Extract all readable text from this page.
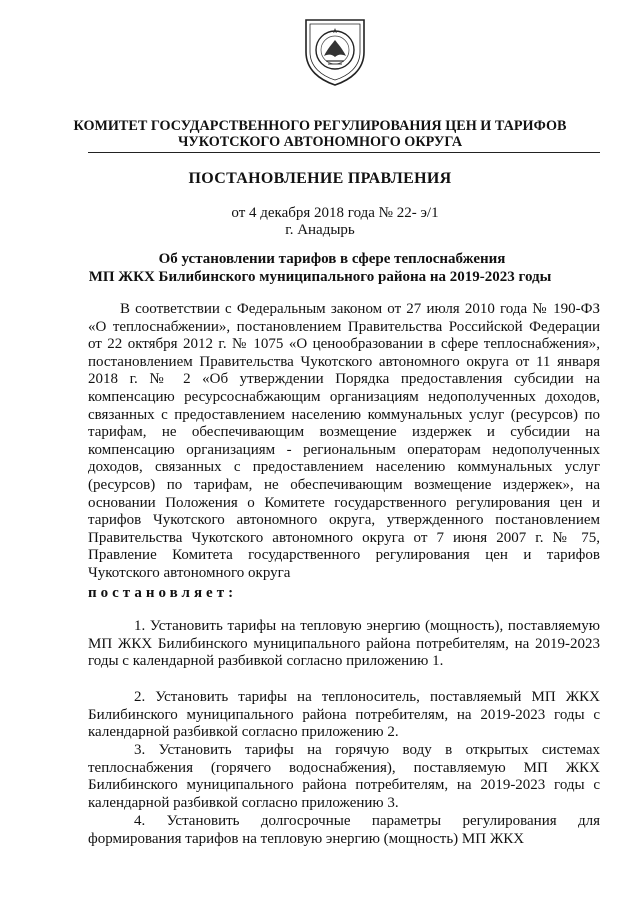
КОМИТЕТ ГОСУДАРСТВЕННОГО РЕГУЛИРОВАНИЯ ЦЕН И ТАРИФОВ
ЧУКОТСКОГО АВТОНОМНОГО ОКРУГА
ПОСТАНОВЛЕНИЕ ПРАВЛЕНИЯ
от 4 декабря 2018 года № 22- э/1
г. Анадырь
Об установлении тарифов в сфере теплоснабжения
МП ЖКХ Билибинского муниципального района на 2019-2023 годы
В соответствии с Федеральным законом от 27 июля 2010 года № 190-ФЗ «О теплоснабжении», постановлением Правительства Российской Федерации от 22 октября 2012 г. № 1075 «О ценообразовании в сфере теплоснабжения», постановлением Правительства Чукотского автономного округа от 11 января 2018 г. № 2 «Об утверждении Порядка предоставления субсидии на компенсацию ресурсоснабжающим организациям недополученных доходов, связанных с предоставлением населению коммунальных услуг (ресурсов) по тарифам, не обеспечивающим возмещение издержек и субсидии на компенсацию организациям - региональным операторам недополученных доходов, связанных с предоставлением населению коммунальных услуг (ресурсов) по тарифам, не обеспечивающим возмещение издержек», на основании Положения о Комитете государственного регулирования цен и тарифов Чукотского автономного округа, утвержденного постановлением Правительства Чукотского автономного округа от 7 июня 2007 г. № 75, Правление Комитета государственного регулирования цен и тарифов Чукотского автономного округа
постановляет:
1. Установить тарифы на тепловую энергию (мощность), поставляемую МП ЖКХ Билибинского муниципального района потребителям, на 2019-2023 годы с календарной разбивкой согласно приложению 1.
2. Установить тарифы на теплоноситель, поставляемый МП ЖКХ Билибинского муниципального района потребителям, на 2019-2023 годы с календарной разбивкой согласно приложению 2.
3. Установить тарифы на горячую воду в открытых системах теплоснабжения (горячего водоснабжения), поставляемую МП ЖКХ Билибинского муниципального района потребителям, на 2019-2023 годы с календарной разбивкой согласно приложению 3.
4. Установить долгосрочные параметры регулирования для формирования тарифов на тепловую энергию (мощность) МП ЖКХ
